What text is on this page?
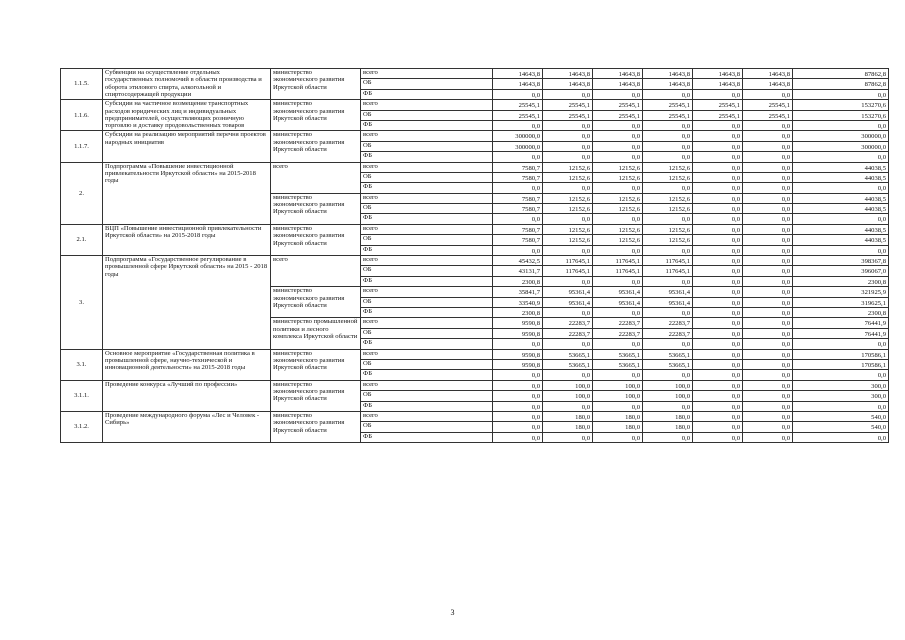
1.1.5.	Субвенции на осуществление отдельных государственных полномочий в области производства и оборота этилового спирта, алкогольной и спиртосодержащей продукции	министерство экономического развития Иркутской области	всего	14643,8	14643,8	14643,8	14643,8	14643,8	14643,8	87862,8
			ОБ	14643,8	14643,8	14643,8	14643,8	14643,8	14643,8	87862,8
			ФБ	0,0	0,0	0,0	0,0	0,0	0,0	0,0
1.1.6.	Субсидии на частичное возмещение транспортных расходов юридических лиц и индивидуальных предпринимателей, осуществляющих розничную торговлю и доставку продовольственных товаров	министерство экономического развития Иркутской области	всего	25545,1	25545,1	25545,1	25545,1	25545,1	25545,1	153270,6
			ОБ	25545,1	25545,1	25545,1	25545,1	25545,1	25545,1	153270,6
			ФБ	0,0	0,0	0,0	0,0	0,0	0,0	0,0
1.1.7.	Субсидии на реализацию мероприятий перечня проектов народных инициатив	министерство экономического развития Иркутской области	всего	300000,0	0,0	0,0	0,0	0,0	0,0	300000,0
			ОБ	300000,0	0,0	0,0	0,0	0,0	0,0	300000,0
			ФБ	0,0	0,0	0,0	0,0	0,0	0,0	0,0
2.	Подпрограмма «Повышение инвестиционной привлекательности Иркутской области» на 2015-2018 годы	всего	всего	7580,7	12152,6	12152,6	12152,6	0,0	0,0	44038,5
			ОБ	7580,7	12152,6	12152,6	12152,6	0,0	0,0	44038,5
			ФБ	0,0	0,0	0,0	0,0	0,0	0,0	0,0
		министерство экономического развития Иркутской области	всего	7580,7	12152,6	12152,6	12152,6	0,0	0,0	44038,5
			ОБ	7580,7	12152,6	12152,6	12152,6	0,0	0,0	44038,5
			ФБ	0,0	0,0	0,0	0,0	0,0	0,0	0,0
2.1.	ВЦП «Повышение инвестиционной привлекательности Иркутской области» на 2015-2018 годы	министерство экономического развития Иркутской области	всего	7580,7	12152,6	12152,6	12152,6	0,0	0,0	44038,5
			ОБ	7580,7	12152,6	12152,6	12152,6	0,0	0,0	44038,5
			ФБ	0,0	0,0	0,0	0,0	0,0	0,0	0,0
3.	Подпрограмма «Государственное регулирование в промышленной сфере Иркутской области» на 2015 - 2018 годы	всего	всего	45432,5	117645,1	117645,1	117645,1	0,0	0,0	398367,8
			ОБ	43131,7	117645,1	117645,1	117645,1	0,0	0,0	396067,0
			ФБ	2300,8	0,0	0,0	0,0	0,0	0,0	2300,8
		министерство экономического развития Иркутской области	всего	35841,7	95361,4	95361,4	95361,4	0,0	0,0	321925,9
			ОБ	33540,9	95361,4	95361,4	95361,4	0,0	0,0	319625,1
			ФБ	2300,8	0,0	0,0	0,0	0,0	0,0	2300,8
		министерство промышленной политики и лесного комплекса Иркутской области	всего	9590,8	22283,7	22283,7	22283,7	0,0	0,0	76441,9
			ОБ	9590,8	22283,7	22283,7	22283,7	0,0	0,0	76441,9
			ФБ	0,0	0,0	0,0	0,0	0,0	0,0	0,0
3.1.	Основное мероприятие «Государственная политика в промышленной сфере, научно-технической и инновационной деятельности» на 2015-2018 годы	министерство экономического развития Иркутской области	всего	9590,8	53665,1	53665,1	53665,1	0,0	0,0	170586,1
			ОБ	9590,8	53665,1	53665,1	53665,1	0,0	0,0	170586,1
			ФБ	0,0	0,0	0,0	0,0	0,0	0,0	0,0
3.1.1.	Проведение конкурса «Лучший по профессии»	министерство экономического развития Иркутской области	всего	0,0	100,0	100,0	100,0	0,0	0,0	300,0
			ОБ	0,0	100,0	100,0	100,0	0,0	0,0	300,0
			ФБ	0,0	0,0	0,0	0,0	0,0	0,0	0,0
3.1.2.	Проведение международного форума «Лес и Человек - Сибирь»	министерство экономического развития Иркутской области	всего	0,0	180,0	180,0	180,0	0,0	0,0	540,0
			ОБ	0,0	180,0	180,0	180,0	0,0	0,0	540,0
			ФБ	0,0	0,0	0,0	0,0	0,0	0,0	0,0
3
